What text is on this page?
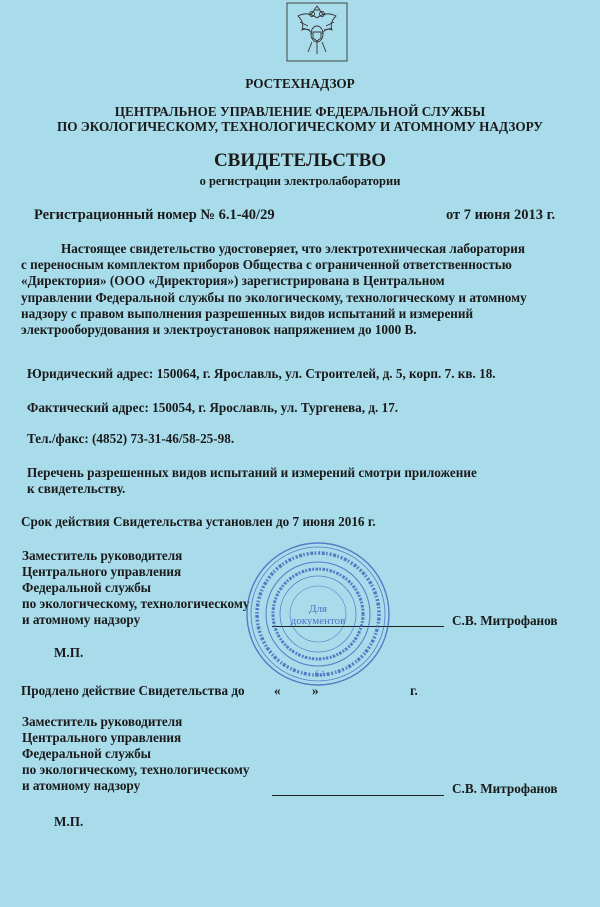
РОСТЕХНАДЗОР
ЦЕНТРАЛЬНОЕ УПРАВЛЕНИЕ ФЕДЕРАЛЬНОЙ СЛУЖБЫ
ПО ЭКОЛОГИЧЕСКОМУ, ТЕХНОЛОГИЧЕСКОМУ И АТОМНОМУ НАДЗОРУ
СВИДЕТЕЛЬСТВО
о регистрации электролаборатории
Регистрационный номер № 6.1-40/29	от 7 июня 2013 г.
Настоящее свидетельство удостоверяет, что электротехническая лаборатория
с переносным комплектом приборов Общества с ограниченной ответственностью
«Директория» (ООО «Директория») зарегистрирована в Центральном
управлении Федеральной службы по экологическому, технологическому и атомному
надзору с правом выполнения разрешенных видов испытаний и измерений
электрооборудования и электроустановок напряжением до 1000 В.
Юридический адрес: 150064, г. Ярославль, ул. Строителей, д. 5, корп. 7. кв. 18.
Фактический адрес: 150054, г. Ярославль, ул. Тургенева, д. 17.
Тел./факс: (4852) 73-31-46/58-25-98.
Перечень разрешенных видов испытаний и измерений смотри приложение
к свидетельству.
Срок действия Свидетельства установлен до 7 июня 2016 г.
Заместитель руководителя
Центрального управления
Федеральной службы
по экологическому, технологическому
и атомному надзору	С.В. Митрофанов
М.П.
Продлено действие Свидетельства до « »	г.
Заместитель руководителя
Центрального управления
Федеральной службы
по экологическому, технологическому
и атомному надзору	С.В. Митрофанов
М.П.
Для
документов
6.1
